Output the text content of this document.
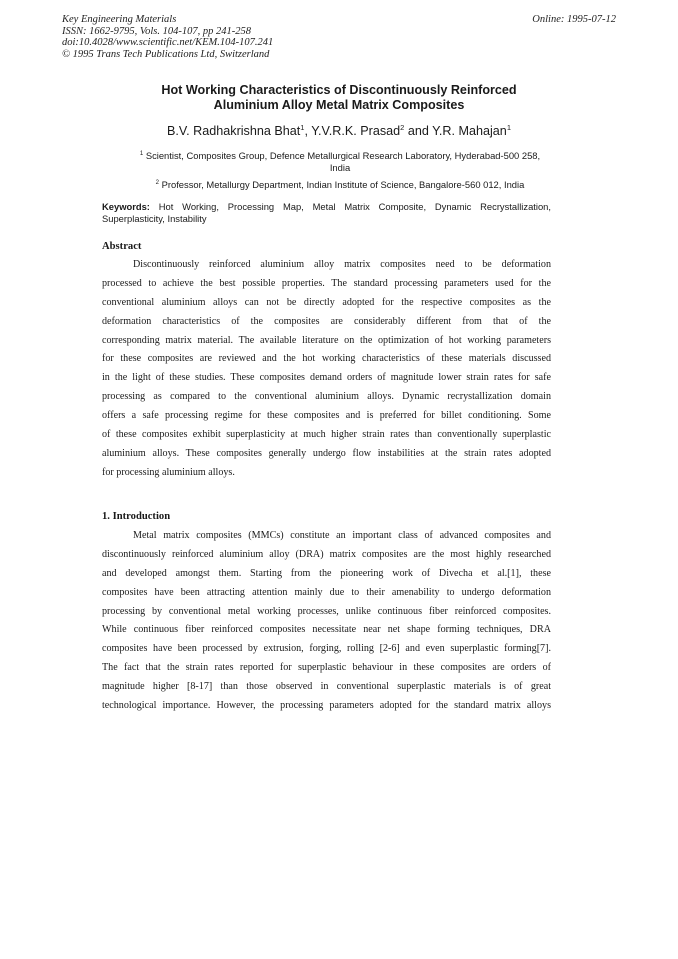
Key Engineering Materials
ISSN: 1662-9795, Vols. 104-107, pp 241-258
doi:10.4028/www.scientific.net/KEM.104-107.241
© 1995 Trans Tech Publications Ltd, Switzerland
Online: 1995-07-12
Hot Working Characteristics of Discontinuously Reinforced
Aluminium Alloy Metal Matrix Composites
B.V. Radhakrishna Bhat$^1$, Y.V.R.K. Prasad$^2$ and Y.R. Mahajan$^1$
$^1$ Scientist, Composites Group, Defence Metallurgical Research Laboratory, Hyderabad-500 258,
India
$^2$ Professor, Metallurgy Department, Indian Institute of Science, Bangalore-560 012, India
Keywords: Hot Working, Processing Map, Metal Matrix Composite, Dynamic Recrystallization, Superplasticity, Instability
Abstract
Discontinuously reinforced aluminium alloy matrix composites need to be deformation
processed to achieve the best possible properties. The standard processing parameters used for the
conventional aluminium alloys can not be directly adopted for the respective composites as the
deformation characteristics of the composites are considerably different from that of the
corresponding matrix material. The available literature on the optimization of hot working parameters
for these composites are reviewed and the hot working characteristics of these materials discussed
in the light of these studies. These composites demand orders of magnitude lower strain rates for safe
processing as compared to the conventional aluminium alloys. Dynamic recrystallization domain
offers a safe processing regime for these composites and is preferred for billet conditioning. Some
of these composites exhibit superplasticity at much higher strain rates than conventionally superplastic
aluminium alloys. These composites generally undergo flow instabilities at the strain rates adopted
for processing aluminium alloys.
1. Introduction
Metal matrix composites (MMCs) constitute an important class of advanced composites and
discontinuously reinforced aluminium alloy (DRA) matrix composites are the most highly researched
and developed amongst them. Starting from the pioneering work of Divecha et al.[1], these
composites have been attracting attention mainly due to their amenability to undergo deformation
processing by conventional metal working processes, unlike continuous fiber reinforced composites.
While continuous fiber reinforced composites necessitate near net shape forming techniques, DRA
composites have been processed by extrusion, forging, rolling [2-6] and even superplastic forming[7].
The fact that the strain rates reported for superplastic behaviour in these composites are orders of
magnitude higher [8-17] than those observed in conventional superplastic materials is of great
technological importance. However, the processing parameters adopted for the standard matrix alloys
